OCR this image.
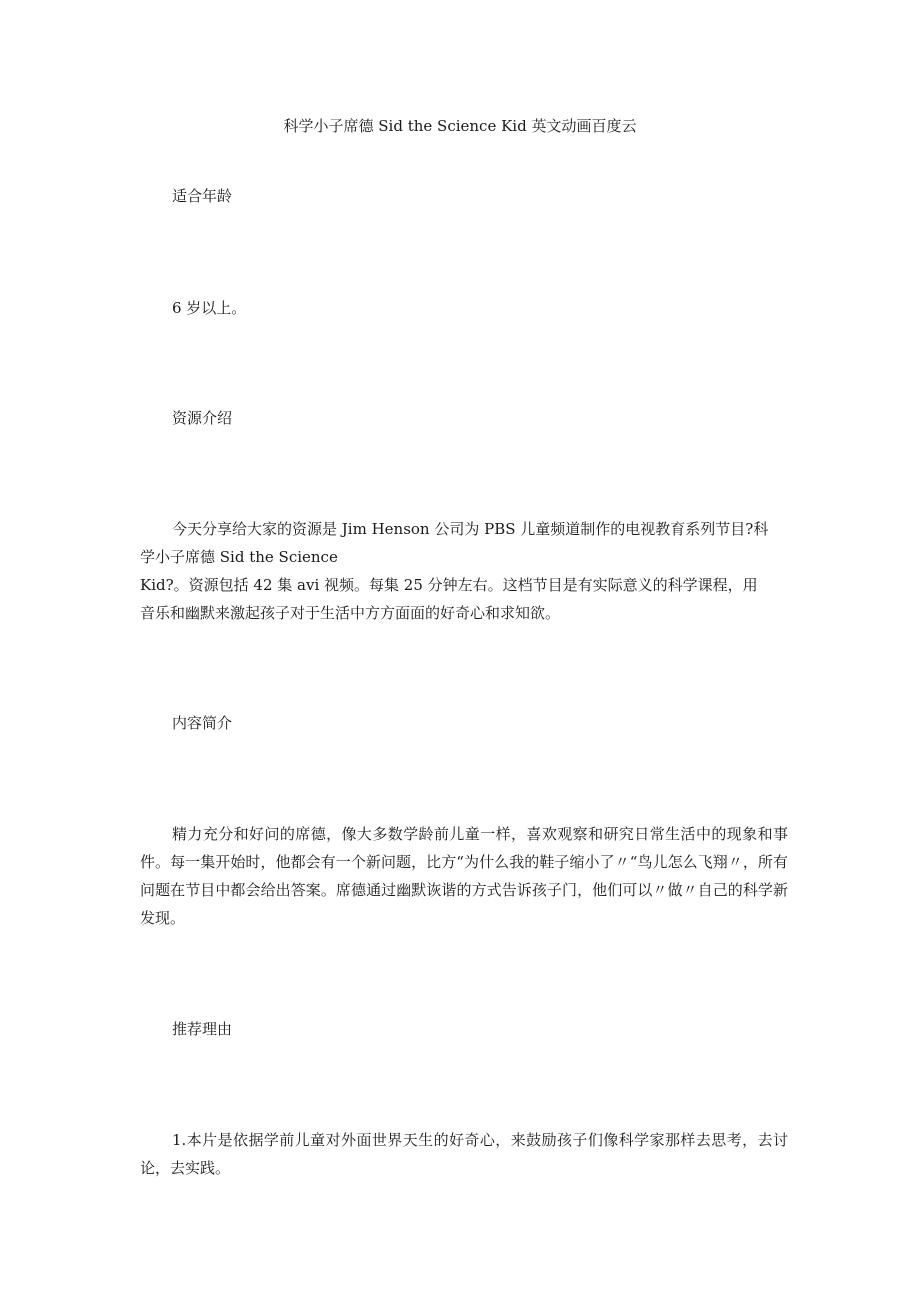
科学小子席德 Sid the Science Kid 英文动画百度云
适合年龄

6 岁以上。

资源介绍

今天分享给大家的资源是 Jim Henson 公司为 PBS 儿童频道制作的电视教育系列节目?科
学小子席德 Sid the Science
Kid?。资源包括 42 集 avi 视频。每集 25 分钟左右。这档节目是有实际意义的科学课程，用
音乐和幽默来激起孩子对于生活中方方面面的好奇心和求知欲。

内容简介

精力充分和好问的席德，像大多数学龄前儿童一样，喜欢观察和研究日常生活中的现象和事件。每一集开始时，他都会有一个新问题，比方“为什么我的鞋子缩小了〃“鸟儿怎么飞翔〃，所有问题在节目中都会给出答案。席德通过幽默诙谐的方式告诉孩子门，他们可以〃做〃自己的科学新发现。

推荐理由

1.本片是依据学前儿童对外面世界天生的好奇心，来鼓励孩子们像科学家那样去思考，去讨论，去实践。
